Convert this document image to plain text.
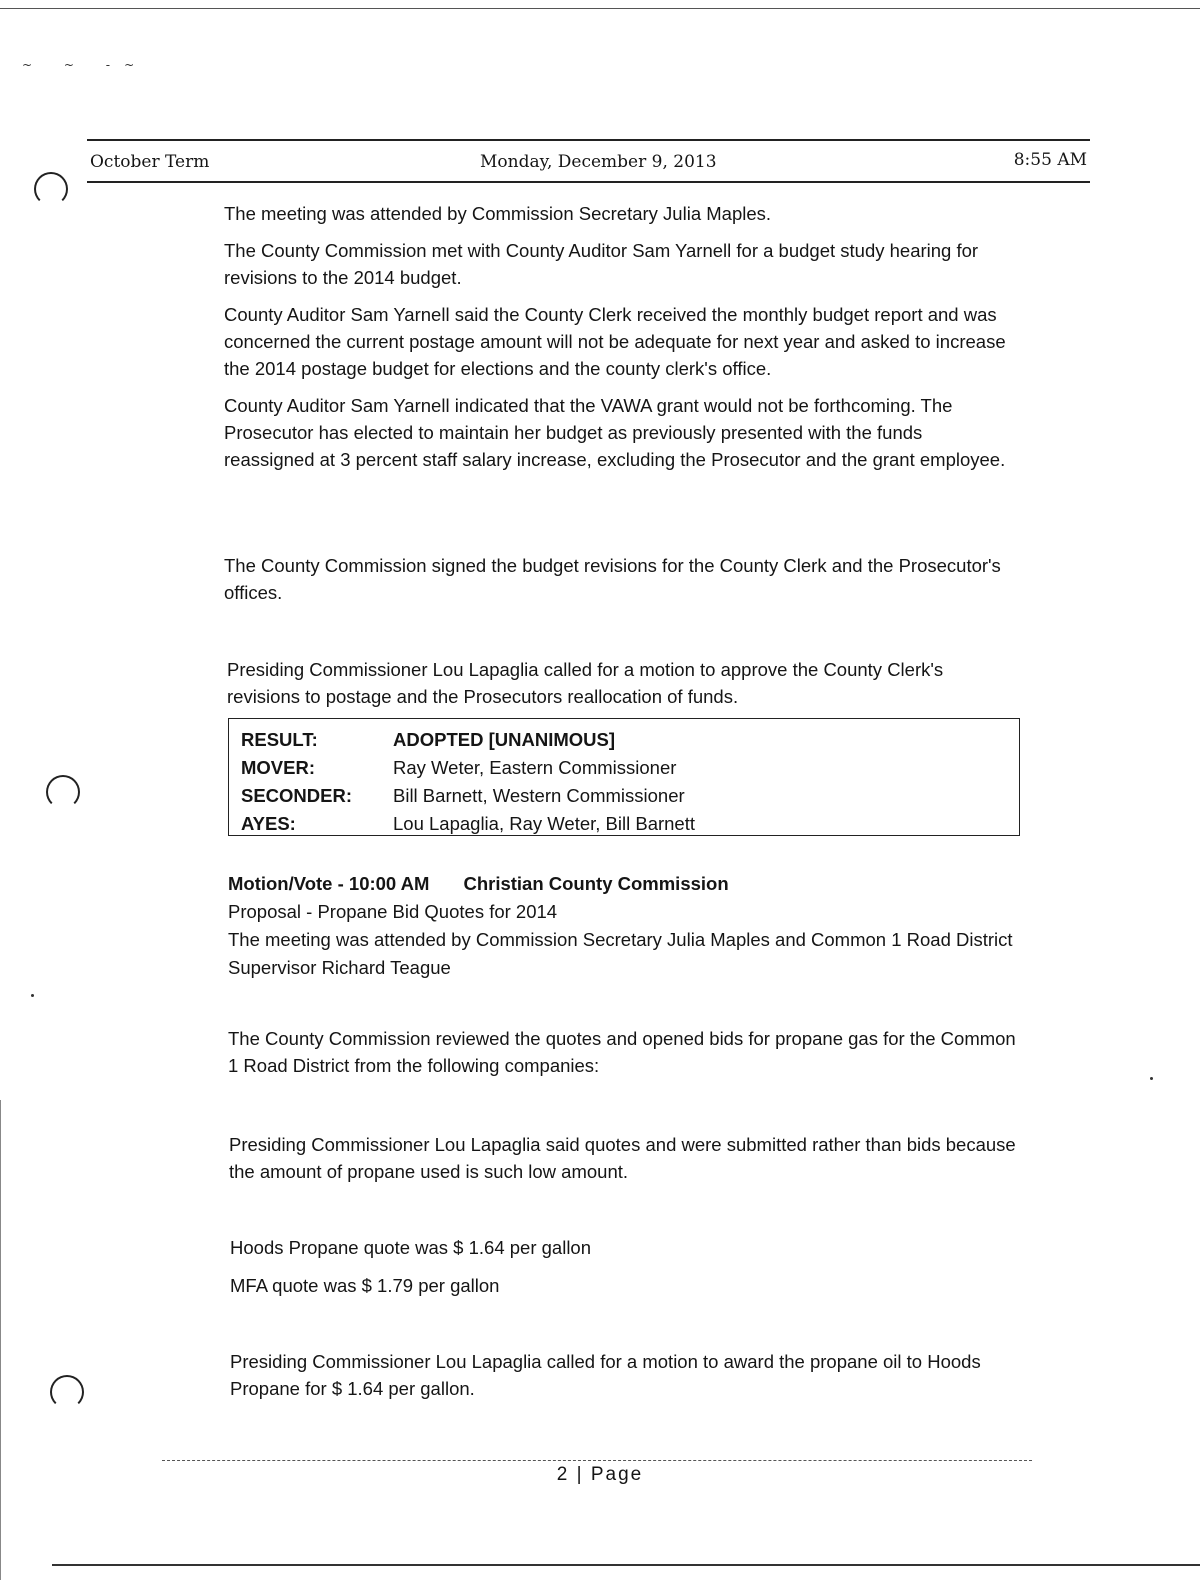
~ ~ -~
October Term	Monday, December 9, 2013	8:55 AM

The meeting was attended by Commission Secretary Julia Maples.

The County Commission met with County Auditor Sam Yarnell for a budget study hearing for revisions to the 2014 budget.

County Auditor Sam Yarnell said the County Clerk received the monthly budget report and was concerned the current postage amount will not be adequate for next year and asked to increase the 2014 postage budget for elections and the county clerk's office.

County Auditor Sam Yarnell indicated that the VAWA grant would not be forthcoming. The Prosecutor has elected to maintain her budget as previously presented with the funds reassigned at 3 percent staff salary increase, excluding the Prosecutor and the grant employee.

The County Commission signed the budget revisions for the County Clerk and the Prosecutor's offices.

Presiding Commissioner Lou Lapaglia called for a motion to approve the County Clerk's revisions to postage and the Prosecutors reallocation of funds.

RESULT:	ADOPTED [UNANIMOUS]
MOVER:	Ray Weter, Eastern Commissioner
SECONDER: Bill Barnett, Western Commissioner
AYES:	Lou Lapaglia, Ray Weter, Bill Barnett
Motion/Vote - 10:00 AM Christian County Commission
Proposal - Propane Bid Quotes for 2014
The meeting was attended by Commission Secretary Julia Maples and Common 1 Road District Supervisor Richard Teague

The County Commission reviewed the quotes and opened bids for propane gas for the Common 1 Road District from the following companies:

Presiding Commissioner Lou Lapaglia said quotes and were submitted rather than bids because the amount of propane used is such low amount.

Hoods Propane quote was $ 1.64 per gallon

MFA quote was $ 1.79 per gallon

Presiding Commissioner Lou Lapaglia called for a motion to award the propane oil to Hoods Propane for $ 1.64 per gallon.

2 | Page
